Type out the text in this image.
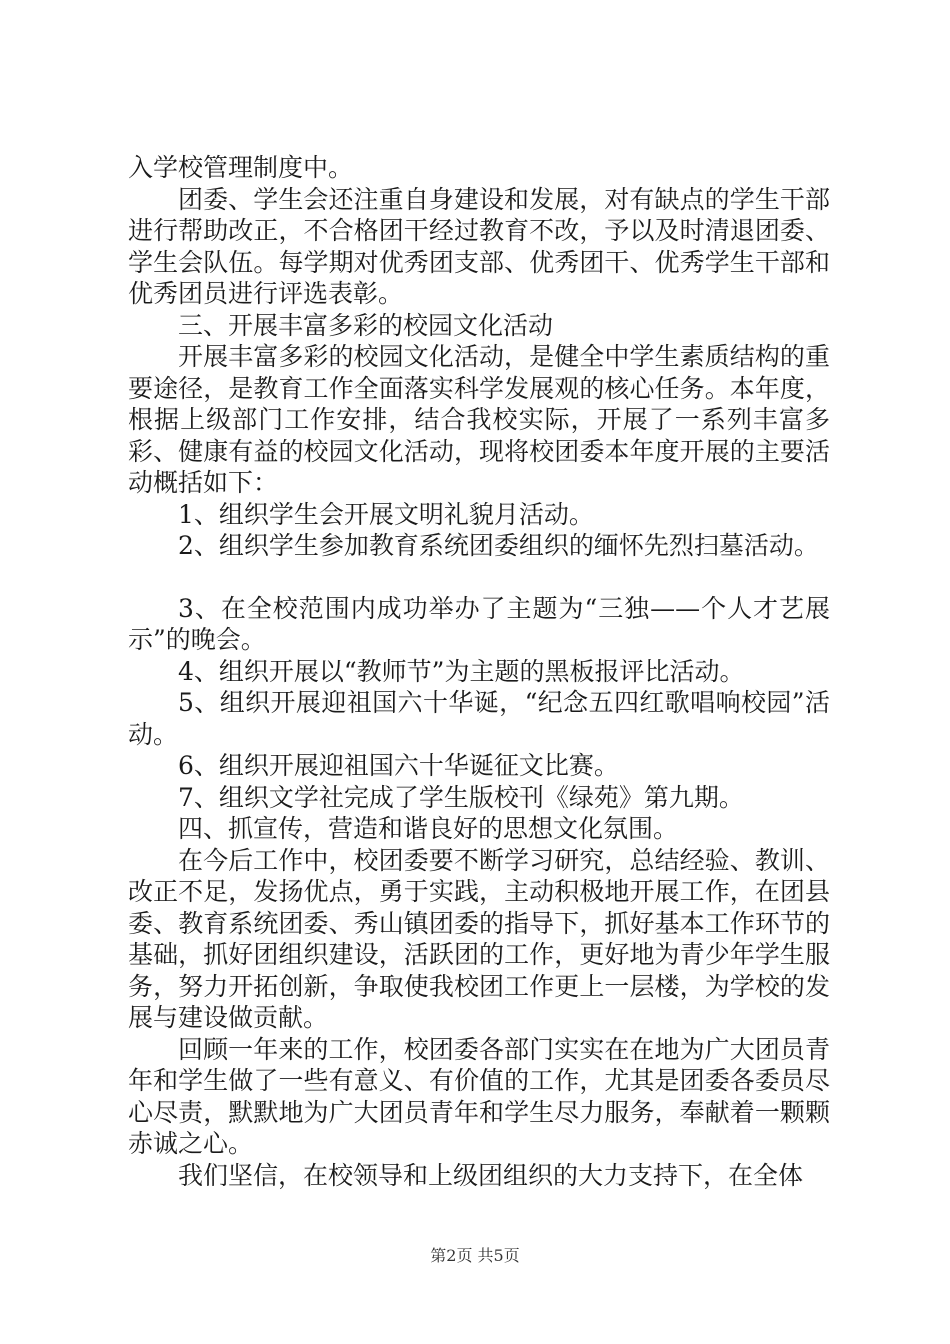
入学校管理制度中。

团委、学生会还注重自身建设和发展，对有缺点的学生干部进行帮助改正，不合格团干经过教育不改，予以及时清退团委、学生会队伍。每学期对优秀团支部、优秀团干、优秀学生干部和优秀团员进行评选表彰。

三、开展丰富多彩的校园文化活动

开展丰富多彩的校园文化活动，是健全中学生素质结构的重要途径，是教育工作全面落实科学发展观的核心任务。本年度，根据上级部门工作安排，结合我校实际，开展了一系列丰富多彩、健康有益的校园文化活动，现将校团委本年度开展的主要活动概括如下：

1、组织学生会开展文明礼貌月活动。

2、组织学生参加教育系统团委组织的缅怀先烈扫墓活动。

3、在全校范围内成功举办了主题为“三独——个人才艺展示”的晚会。

4、组织开展以“教师节”为主题的黑板报评比活动。

5、组织开展迎祖国六十华诞，“纪念五四红歌唱响校园”活动。

6、组织开展迎祖国六十华诞征文比赛。

7、组织文学社完成了学生版校刊《绿苑》第九期。

四、抓宣传，营造和谐良好的思想文化氛围。

在今后工作中，校团委要不断学习研究，总结经验、教训、改正不足，发扬优点，勇于实践，主动积极地开展工作，在团县委、教育系统团委、秀山镇团委的指导下，抓好基本工作环节的基础，抓好团组织建设，活跃团的工作，更好地为青少年学生服务，努力开拓创新，争取使我校团工作更上一层楼，为学校的发展与建设做贡献。

回顾一年来的工作，校团委各部门实实在在地为广大团员青年和学生做了一些有意义、有价值的工作，尤其是团委各委员尽心尽责，默默地为广大团员青年和学生尽力服务，奉献着一颗颗赤诚之心。

我们坚信，在校领导和上级团组织的大力支持下，在全体

第2页 共5页
